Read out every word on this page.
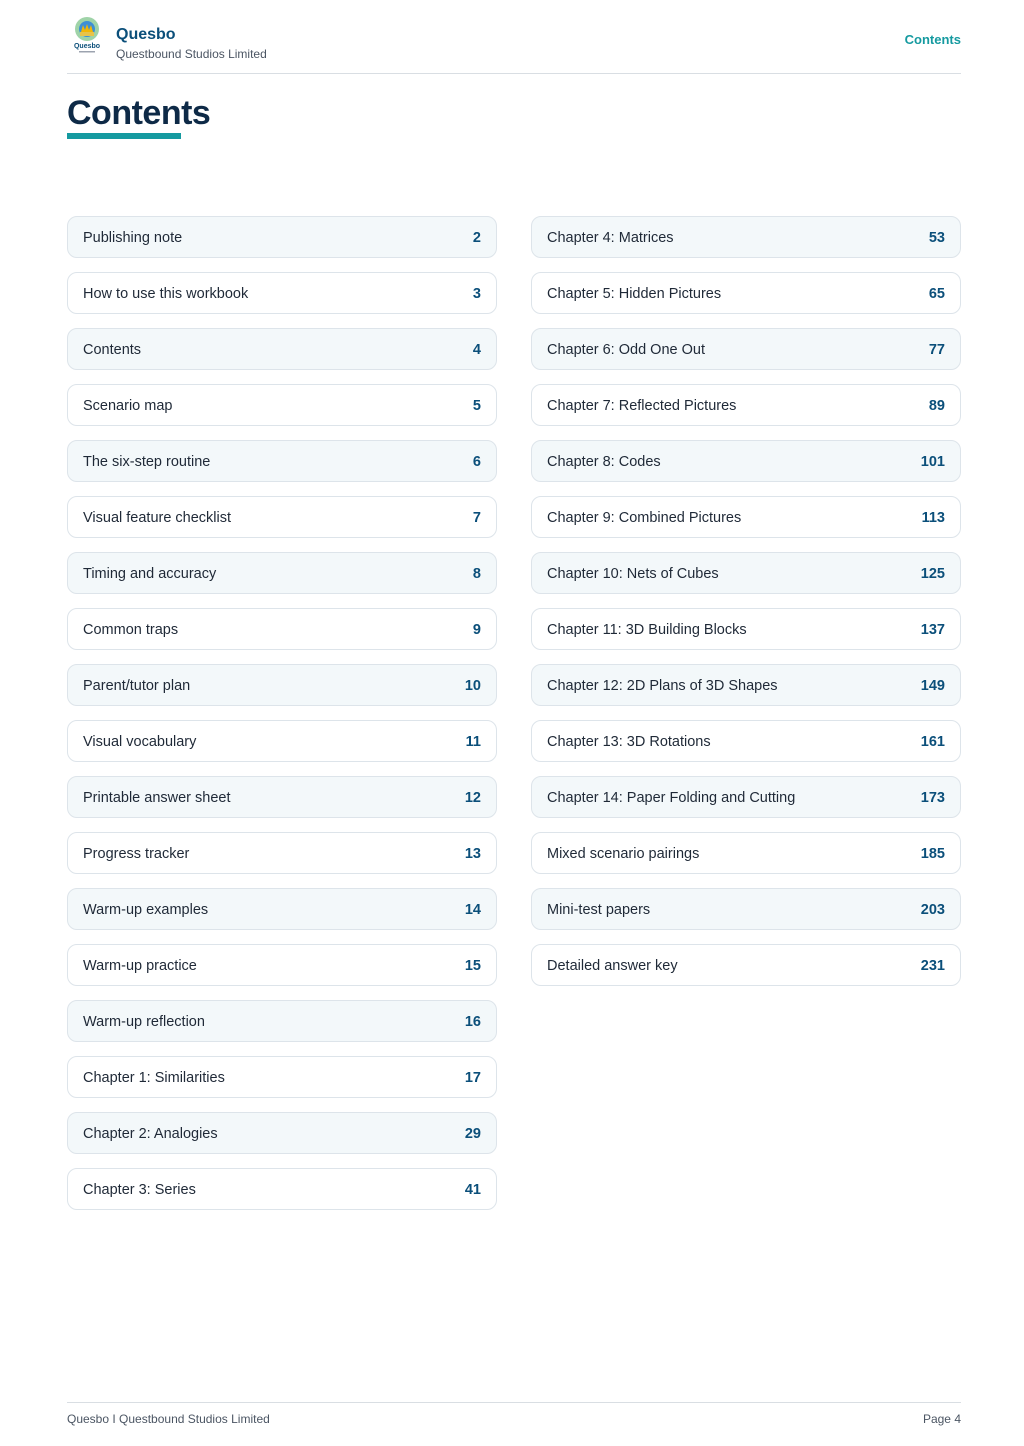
Quesbo
Quesbo
Questbound Studios Limited
Contents
Contents
Publishing note	2
How to use this workbook	3
Contents	4
Scenario map	5
The six-step routine	6
Visual feature checklist	7
Timing and accuracy	8
Common traps	9
Parent/tutor plan	10
Visual vocabulary	11
Printable answer sheet	12
Progress tracker	13
Warm-up examples	14
Warm-up practice	15
Warm-up reflection	16
Chapter 1: Similarities	17
Chapter 2: Analogies	29
Chapter 3: Series	41
Chapter 4: Matrices	53
Chapter 5: Hidden Pictures	65
Chapter 6: Odd One Out	77
Chapter 7: Reflected Pictures	89
Chapter 8: Codes	101
Chapter 9: Combined Pictures	113
Chapter 10: Nets of Cubes	125
Chapter 11: 3D Building Blocks	137
Chapter 12: 2D Plans of 3D Shapes	149
Chapter 13: 3D Rotations	161
Chapter 14: Paper Folding and Cutting	173
Mixed scenario pairings	185
Mini-test papers	203
Detailed answer key	231
Quesbo I Questbound Studios Limited	Page 4
